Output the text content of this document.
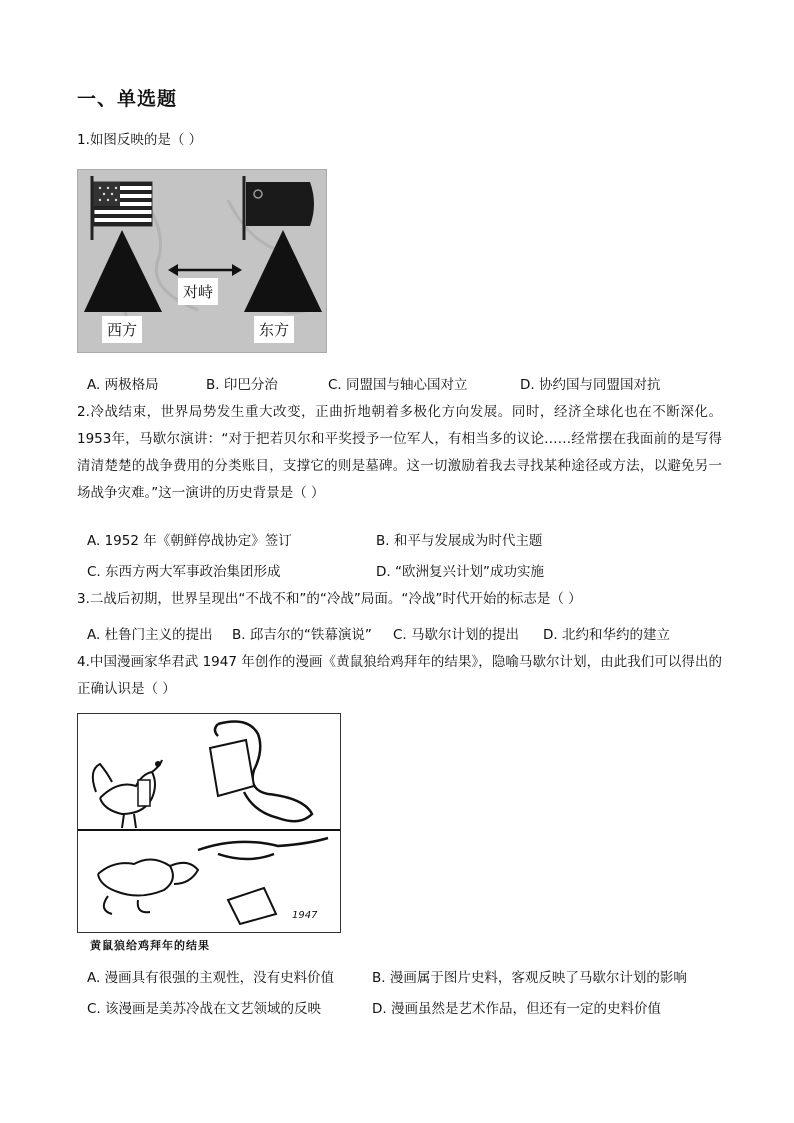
一、单选题
1.如图反映的是（ ）
对峙
西方	东方
A. 两极格局	B. 印巴分治	C. 同盟国与轴心国对立	D. 协约国与同盟国对抗
2.冷战结束，世界局势发生重大改变，正曲折地朝着多极化方向发展。同时，经济全球化也在不断深化。1953年，马歇尔演讲：“对于把若贝尔和平奖授予一位军人，有相当多的议论……经常摆在我面前的是写得清清楚楚的战争费用的分类账目，支撑它的则是墓碑。这一切激励着我去寻找某种途径或方法，以避免另一场战争灾难。”这一演讲的历史背景是（ ）
A. 1952 年《朝鲜停战协定》签订	B. 和平与发展成为时代主题
C. 东西方两大军事政治集团形成	D. “欧洲复兴计划”成功实施
3.二战后初期，世界呈现出“不战不和”的“冷战”局面。“冷战”时代开始的标志是（ ）
A. 杜鲁门主义的提出 B. 邱吉尔的“铁幕演说” C. 马歇尔计划的提出 D. 北约和华约的建立
4.中国漫画家华君武 1947 年创作的漫画《黄鼠狼给鸡拜年的结果》，隐喻马歇尔计划，由此我们可以得出的正确认识是（ ）
1947
黄鼠狼给鸡拜年的结果
A. 漫画具有很强的主观性，没有史料价值	B. 漫画属于图片史料，客观反映了马歇尔计划的影响
C. 该漫画是美苏冷战在文艺领域的反映	D. 漫画虽然是艺术作品，但还有一定的史料价值
